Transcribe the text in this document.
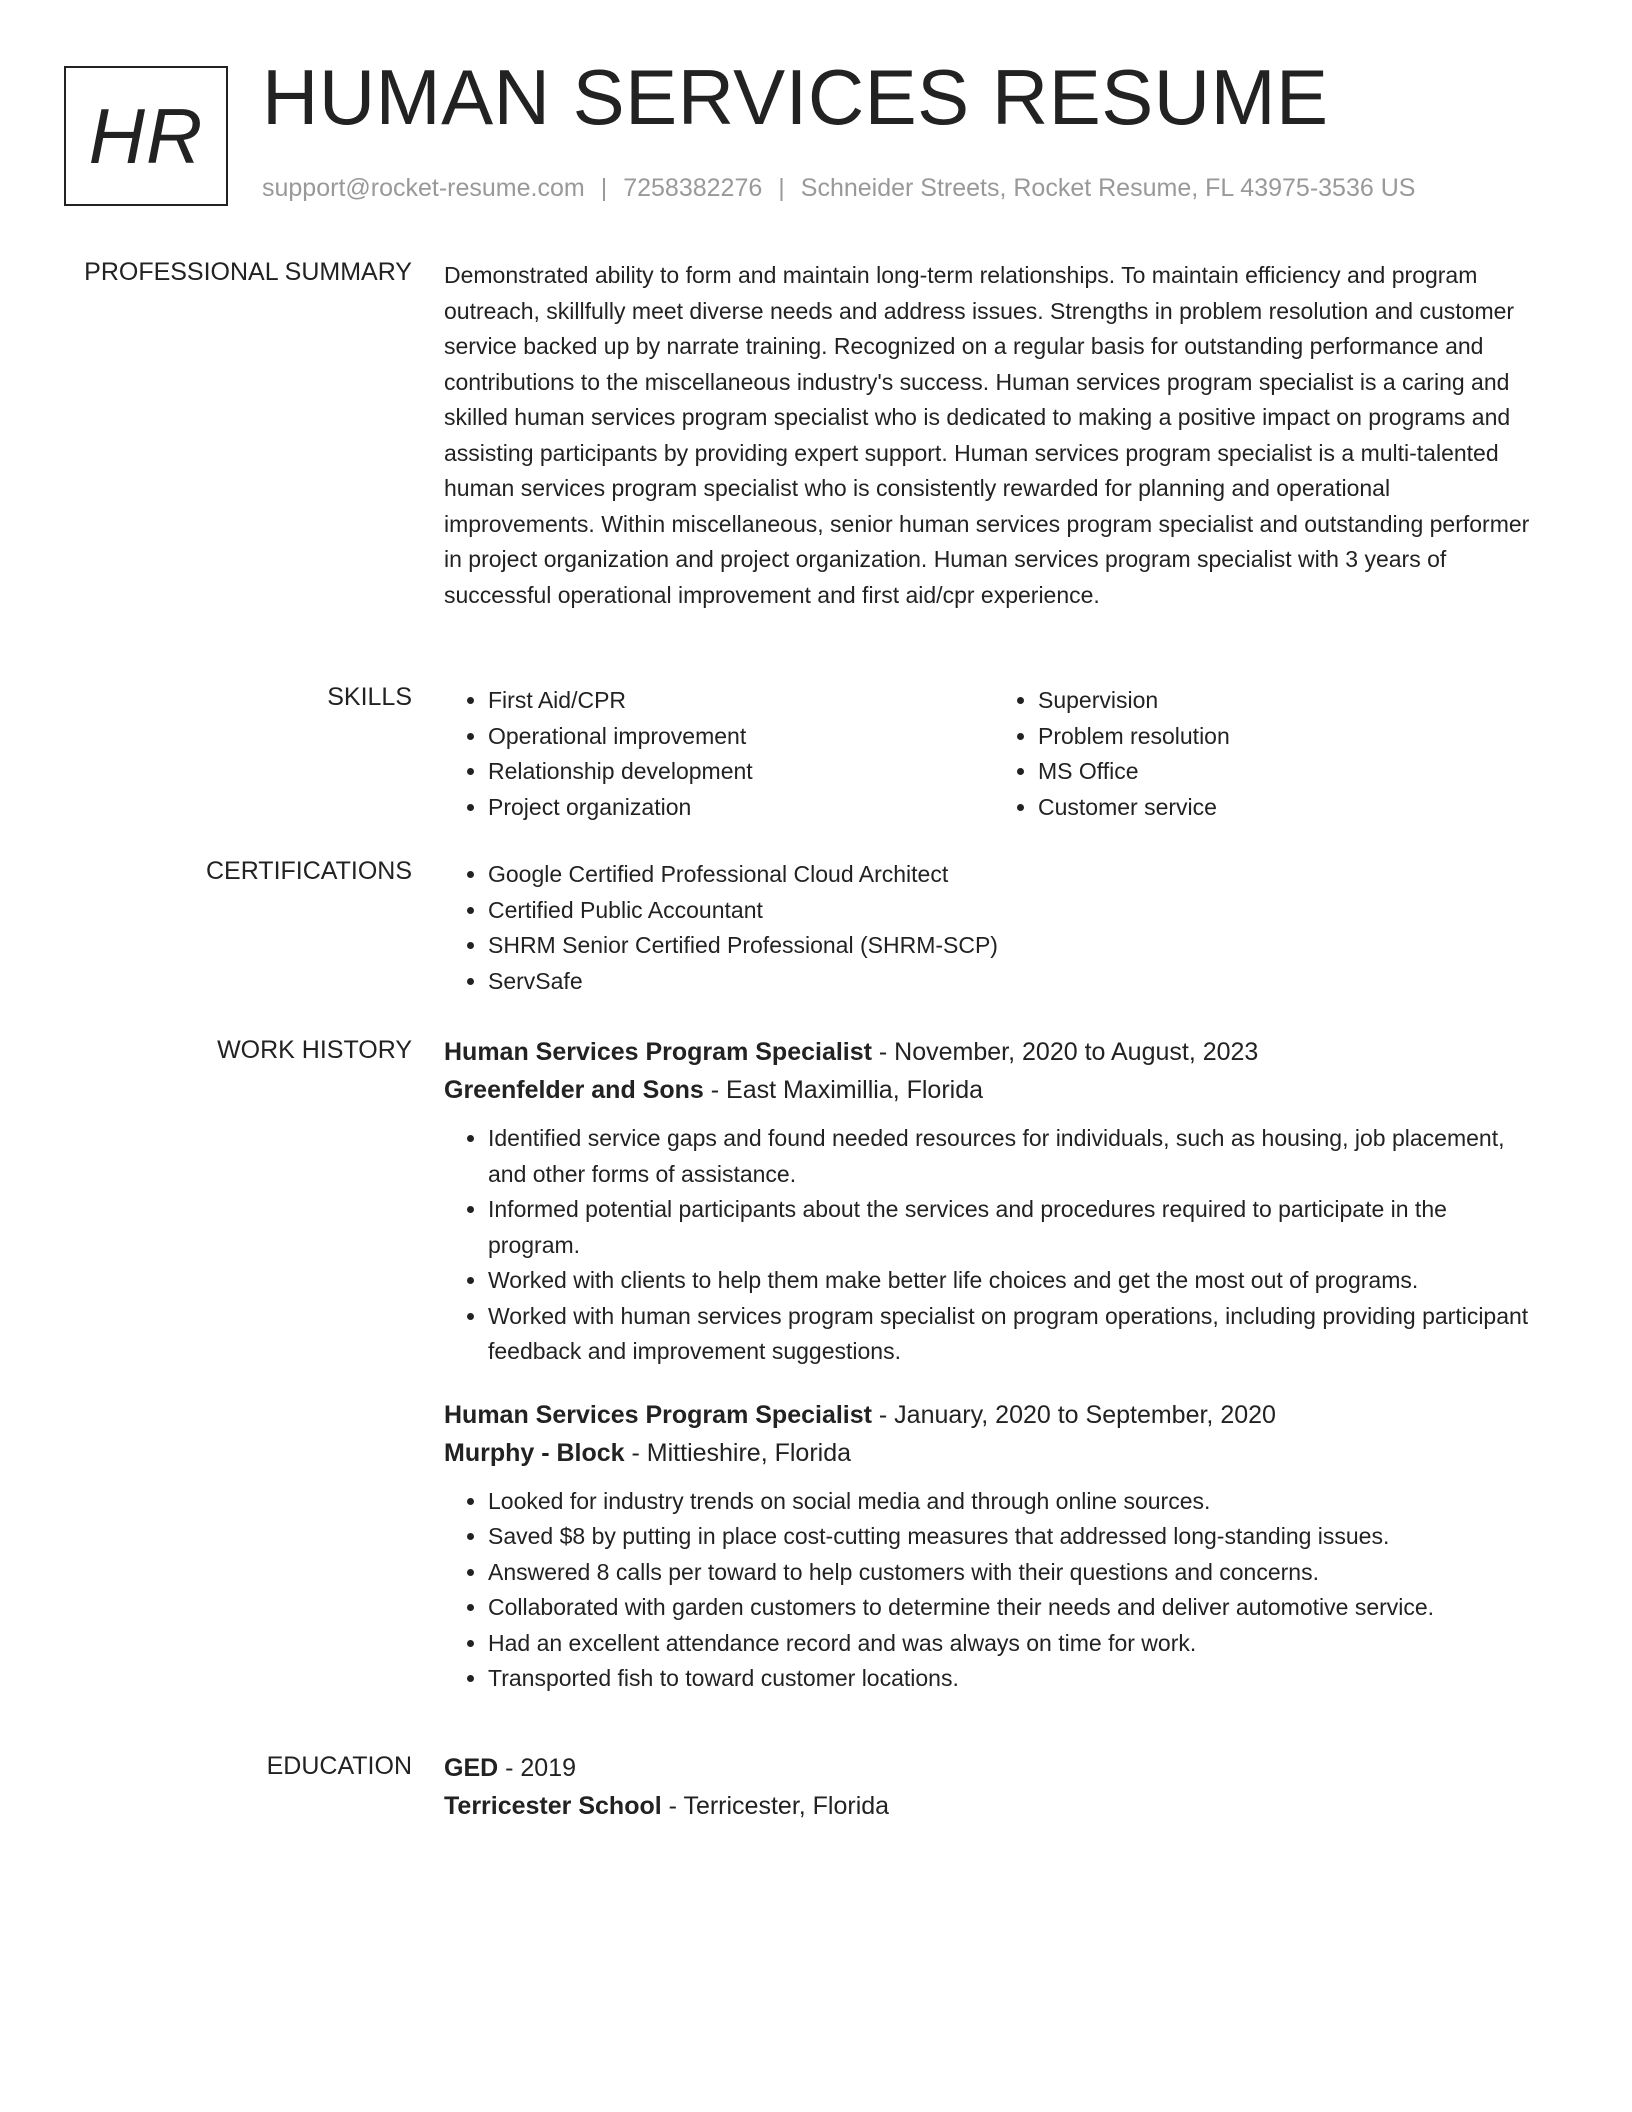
HR HUMAN SERVICES RESUME
support@rocket-resume.com | 7258382276 | Schneider Streets, Rocket Resume, FL 43975-3536 US
PROFESSIONAL SUMMARY Demonstrated ability to form and maintain long-term relationships. To maintain efficiency and program outreach, skillfully meet diverse needs and address issues. Strengths in problem resolution and customer service backed up by narrate training. Recognized on a regular basis for outstanding performance and contributions to the miscellaneous industry's success. Human services program specialist is a caring and skilled human services program specialist who is dedicated to making a positive impact on programs and assisting participants by providing expert support. Human services program specialist is a multi-talented human services program specialist who is consistently rewarded for planning and operational improvements. Within miscellaneous, senior human services program specialist and outstanding performer in project organization and project organization. Human services program specialist with 3 years of successful operational improvement and first aid/cpr experience.

SKILLS	• First Aid/CPR
• Operational improvement
• Relationship development
• Project organization
• Supervision
• Problem resolution
• MS Office
• Customer service
CERTIFICATIONS	• Google Certified Professional Cloud Architect
• Certified Public Accountant
• SHRM Senior Certified Professional (SHRM-SCP)
• ServSafe
WORK HISTORY Human Services Program Specialist - November, 2020 to August, 2023
Greenfelder and Sons - East Maximillia, Florida
• Identified service gaps and found needed resources for individuals, such as housing, job placement, and other forms of assistance.
• Informed potential participants about the services and procedures required to participate in the program.
• Worked with clients to help them make better life choices and get the most out of programs.
• Worked with human services program specialist on program operations, including providing participant feedback and improvement suggestions.
Human Services Program Specialist - January, 2020 to September, 2020
Murphy - Block - Mittieshire, Florida
• Looked for industry trends on social media and through online sources.
• Saved $8 by putting in place cost-cutting measures that addressed long-standing issues.
• Answered 8 calls per toward to help customers with their questions and concerns.
• Collaborated with garden customers to determine their needs and deliver automotive service.
• Had an excellent attendance record and was always on time for work.
• Transported fish to toward customer locations.
EDUCATION GED - 2019
Terricester School - Terricester, Florida
